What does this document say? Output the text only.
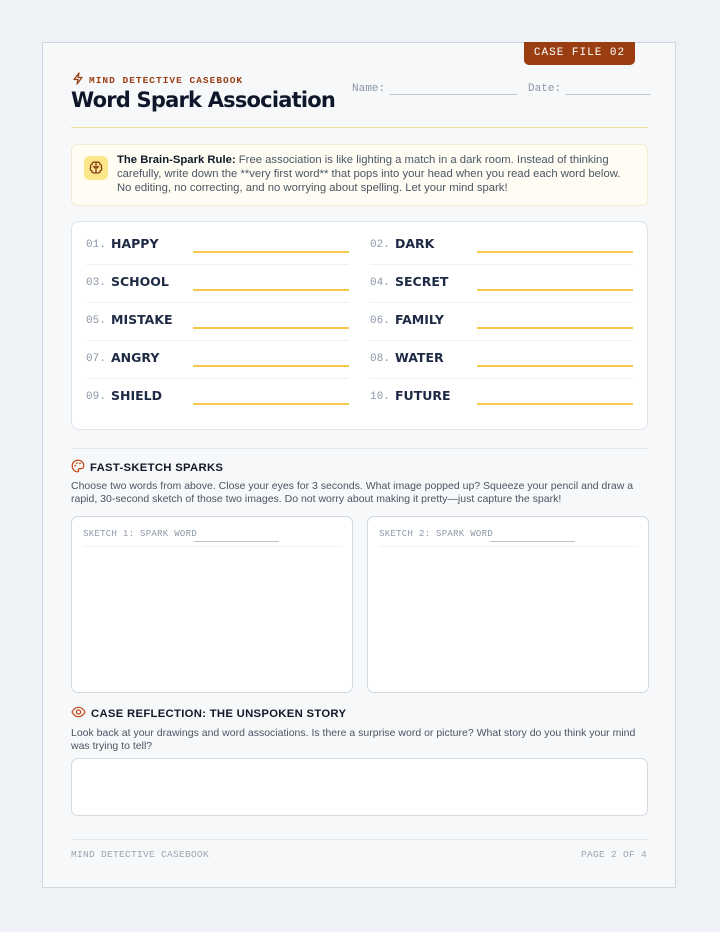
CASE FILE 02
MIND DETECTIVE CASEBOOK
Word Spark Association Name:	Date:
The Brain-Spark Rule: Free association is like lighting a match in a dark room. Instead of thinking carefully, write down the **very first word** that pops into your head when you read each word below. No editing, no correcting, and no worrying about spelling. Let your mind spark!
01. HAPPY	02. DARK
03. SCHOOL	04. SECRET
05. MISTAKE	06. FAMILY
07. ANGRY	08. WATER
09. SHIELD	10. FUTURE
FAST-SKETCH SPARKS
Choose two words from above. Close your eyes for 3 seconds. What image popped up? Squeeze your pencil and draw a rapid, 30-second sketch of those two images. Do not worry about making it pretty—just capture the spark!
SKETCH 1: SPARK WORD	SKETCH 2: SPARK WORD
CASE REFLECTION: THE UNSPOKEN STORY
Look back at your drawings and word associations. Is there a surprise word or picture? What story do you think your mind was trying to tell?
MIND DETECTIVE CASEBOOK	PAGE 2 OF 4
